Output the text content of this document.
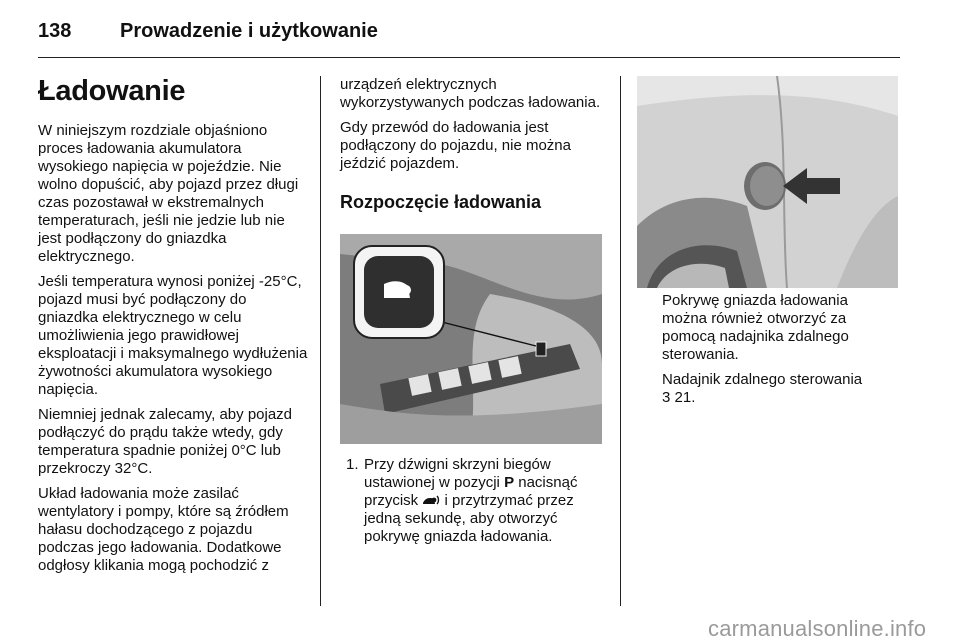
138 Prowadzenie i użytkowanie
Ładowanie

W niniejszym rozdziale objaśniono proces ładowania akumulatora wysokiego napięcia w pojeździe. Nie wolno dopuścić, aby pojazd przez długi czas pozostawał w ekstremalnych temperaturach, jeśli nie jedzie lub nie jest podłączony do gniazdka elektrycznego.

Jeśli temperatura wynosi poniżej -25°C, pojazd musi być podłączony do gniazdka elektrycznego w celu umożliwienia jego prawidłowej eksploatacji i maksymalnego wydłużenia żywotności akumulatora wysokiego napięcia.

Niemniej jednak zalecamy, aby pojazd podłączyć do prądu także wtedy, gdy temperatura spadnie poniżej 0°C lub przekroczy 32°C.

Układ ładowania może zasilać wentylatory i pompy, które są źródłem hałasu dochodzącego z pojazdu podczas jego ładowania. Dodatkowe odgłosy klikania mogą pochodzić z

urządzeń elektrycznych wykorzystywanych podczas ładowania.

Gdy przewód do ładowania jest podłączony do pojazdu, nie można jeździć pojazdem.

Rozpoczęcie ładowania
1. Przy dźwigni skrzyni biegów ustawionej w pozycji P nacisnąć przycisk  i przytrzymać przez jedną sekundę, aby otworzyć pokrywę gniazda ładowania.

Pokrywę gniazda ładowania można również otworzyć za pomocą nadajnika zdalnego sterowania.

Nadajnik zdalnego sterowania
3 21.

carmanualsonline.info
